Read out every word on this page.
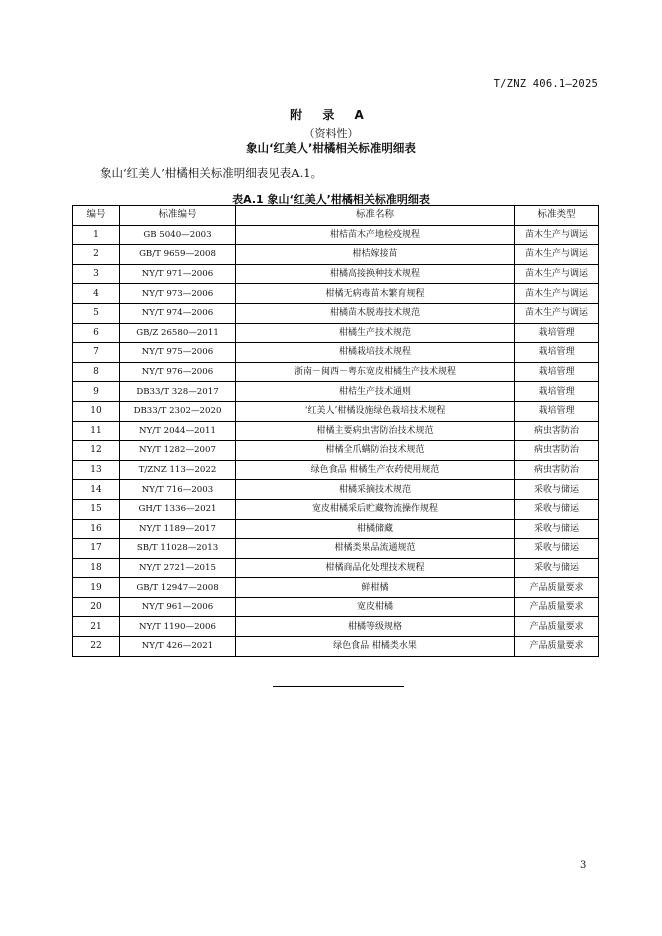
T/ZNZ 406.1—2025
附 录 A
（资料性）
象山‘红美人’柑橘相关标准明细表
象山‘红美人’柑橘相关标准明细表见表A.1。
表A.1 象山‘红美人’柑橘相关标准明细表
编号	标准编号	标准名称	标准类型
1	GB 5040—2003	柑桔苗木产地检疫规程	苗木生产与调运
2	GB/T 9659—2008	柑桔嫁接苗	苗木生产与调运
3	NY/T 971—2006	柑橘高接换种技术规程	苗木生产与调运
4	NY/T 973—2006	柑橘无病毒苗木繁育规程	苗木生产与调运
5	NY/T 974—2006	柑橘苗木脱毒技术规范	苗木生产与调运
6	GB/Z 26580—2011	柑橘生产技术规范	栽培管理
7	NY/T 975—2006	柑橘栽培技术规程	栽培管理
8	NY/T 976—2006	浙南－闽西－粤东宽皮柑橘生产技术规程	栽培管理
9	DB33/T 328—2017	柑桔生产技术通则	栽培管理
10	DB33/T 2302—2020	‘红美人’柑橘设施绿色栽培技术规程	栽培管理
11	NY/T 2044—2011	柑橘主要病虫害防治技术规范	病虫害防治
12	NY/T 1282—2007	柑橘全爪螨防治技术规范	病虫害防治
13	T/ZNZ 113—2022	绿色食品 柑橘生产农药使用规范	病虫害防治
14	NY/T 716—2003	柑橘采摘技术规范	采收与储运
15	GH/T 1336—2021	宽皮柑橘采后贮藏物流操作规程	采收与储运
16	NY/T 1189—2017	柑橘储藏	采收与储运
17	SB/T 11028—2013	柑橘类果品流通规范	采收与储运
18	NY/T 2721—2015	柑橘商品化处理技术规程	采收与储运
19	GB/T 12947—2008	鲜柑橘	产品质量要求
20	NY/T 961—2006	宽皮柑橘	产品质量要求
21	NY/T 1190—2006	柑橘等级规格	产品质量要求
22	NY/T 426—2021	绿色食品 柑橘类水果	产品质量要求
3
